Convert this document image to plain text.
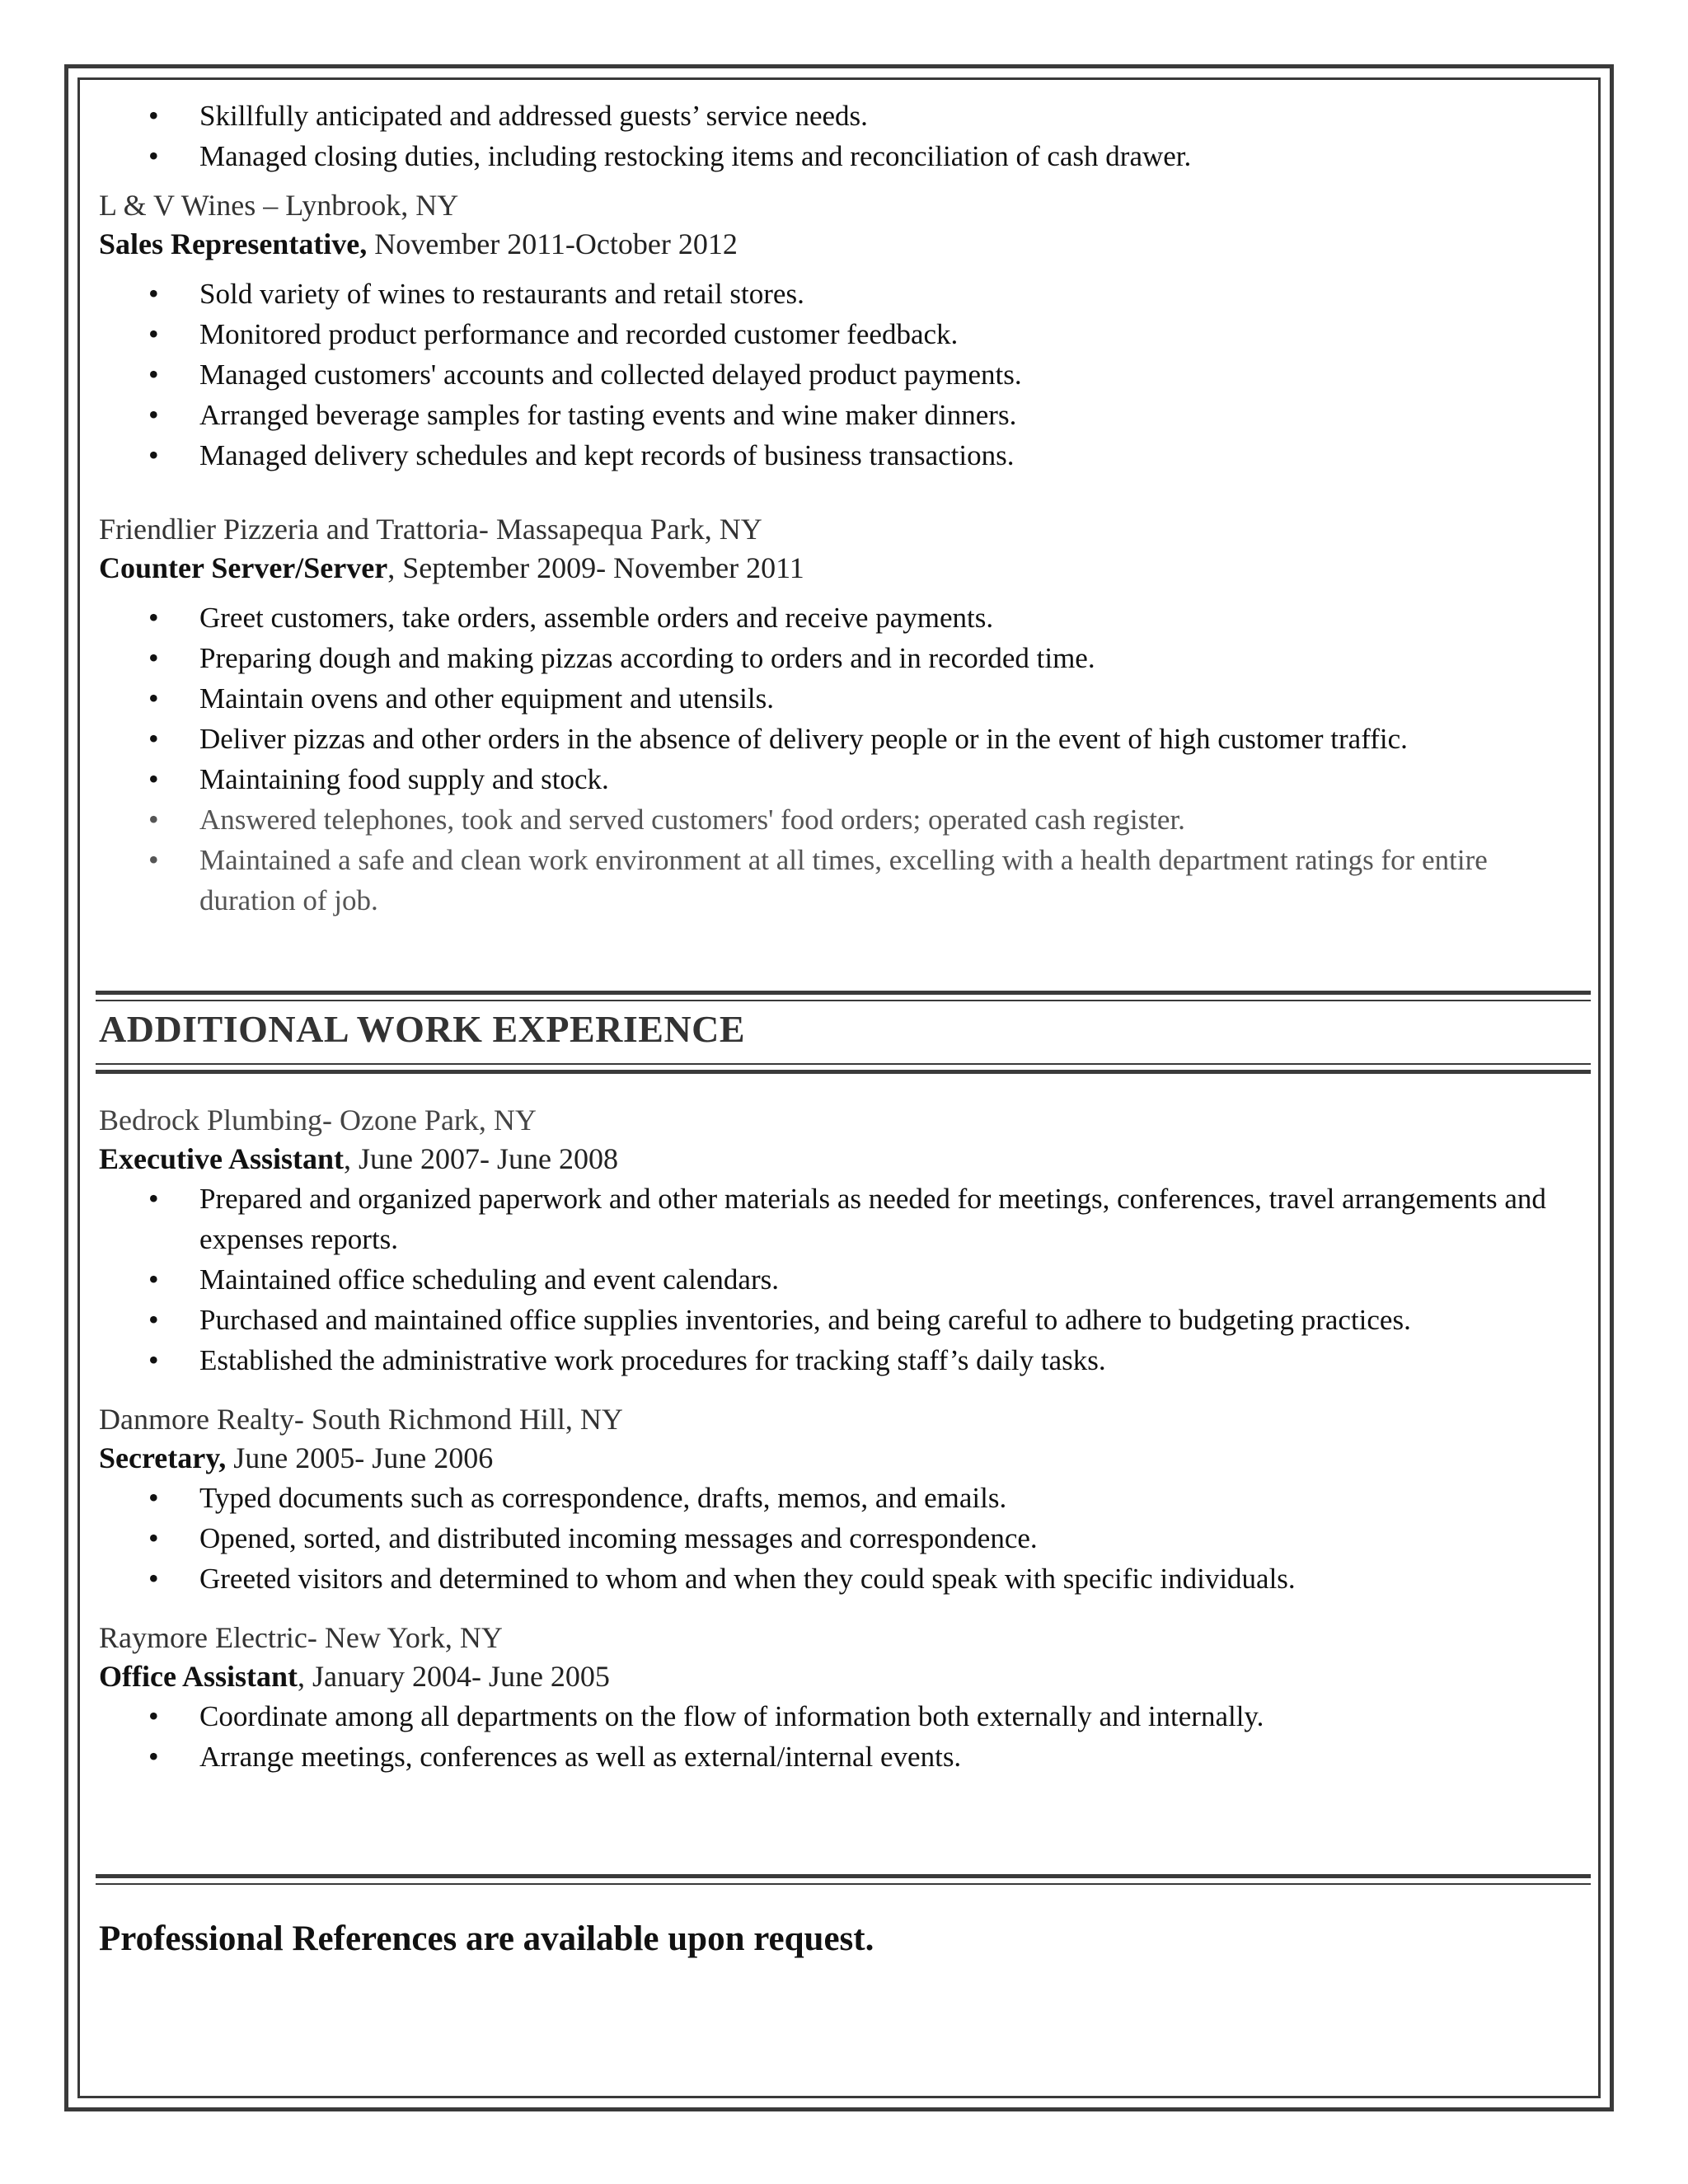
• Skillfully anticipated and addressed guests’ service needs.
• Managed closing duties, including restocking items and reconciliation of cash drawer.
L & V Wines – Lynbrook, NY
Sales Representative, November 2011-October 2012
• Sold variety of wines to restaurants and retail stores.
• Monitored product performance and recorded customer feedback.
• Managed customers' accounts and collected delayed product payments.
• Arranged beverage samples for tasting events and wine maker dinners.
• Managed delivery schedules and kept records of business transactions.
Friendlier Pizzeria and Trattoria- Massapequa Park, NY
Counter Server/Server, September 2009- November 2011
• Greet customers, take orders, assemble orders and receive payments.
• Preparing dough and making pizzas according to orders and in recorded time.
• Maintain ovens and other equipment and utensils.
• Deliver pizzas and other orders in the absence of delivery people or in the event of high customer traffic.
• Maintaining food supply and stock.
• Answered telephones, took and served customers' food orders; operated cash register.
• Maintained a safe and clean work environment at all times, excelling with a health department ratings for entire duration of job.
ADDITIONAL WORK EXPERIENCE
Bedrock Plumbing- Ozone Park, NY
Executive Assistant, June 2007- June 2008
• Prepared and organized paperwork and other materials as needed for meetings, conferences, travel arrangements and expenses reports.
• Maintained office scheduling and event calendars.
• Purchased and maintained office supplies inventories, and being careful to adhere to budgeting practices.
• Established the administrative work procedures for tracking staff’s daily tasks.
Danmore Realty- South Richmond Hill, NY
Secretary, June 2005- June 2006
• Typed documents such as correspondence, drafts, memos, and emails.
• Opened, sorted, and distributed incoming messages and correspondence.
• Greeted visitors and determined to whom and when they could speak with specific individuals.
Raymore Electric- New York, NY
Office Assistant, January 2004- June 2005
• Coordinate among all departments on the flow of information both externally and internally.
• Arrange meetings, conferences as well as external/internal events.
Professional References are available upon request.
